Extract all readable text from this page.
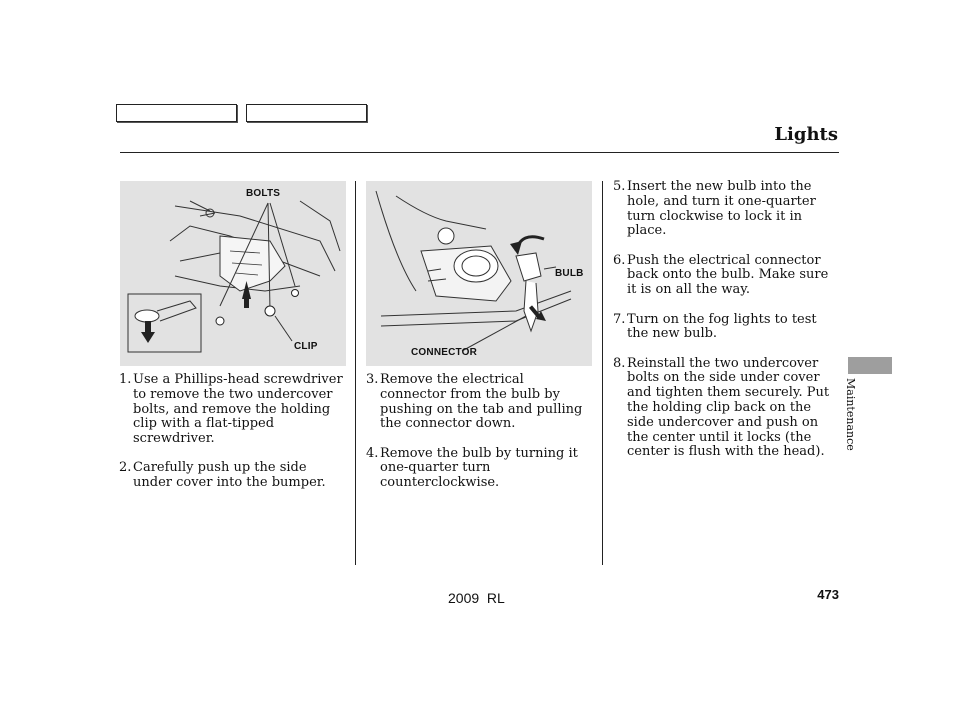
Lights
BOLTS
CLIP
BULB
CONNECTOR
1. Use a Phillips-head screwdriver to remove the two undercover bolts, and remove the holding clip with a flat-tipped screwdriver.
2. Carefully push up the side under cover into the bumper.
3. Remove the electrical connector from the bulb by pushing on the tab and pulling the connector down.
4. Remove the bulb by turning it one-quarter turn counterclockwise.
5. Insert the new bulb into the hole, and turn it one-quarter turn clockwise to lock it in place.
6. Push the electrical connector back onto the bulb. Make sure it is on all the way.
7. Turn on the fog lights to test the new bulb.
8. Reinstall the two undercover bolts on the side under cover and tighten them securely. Put the holding clip back on the side undercover and push on the center until it locks (the center is flush with the head).
Maintenance
2009  RL	473
